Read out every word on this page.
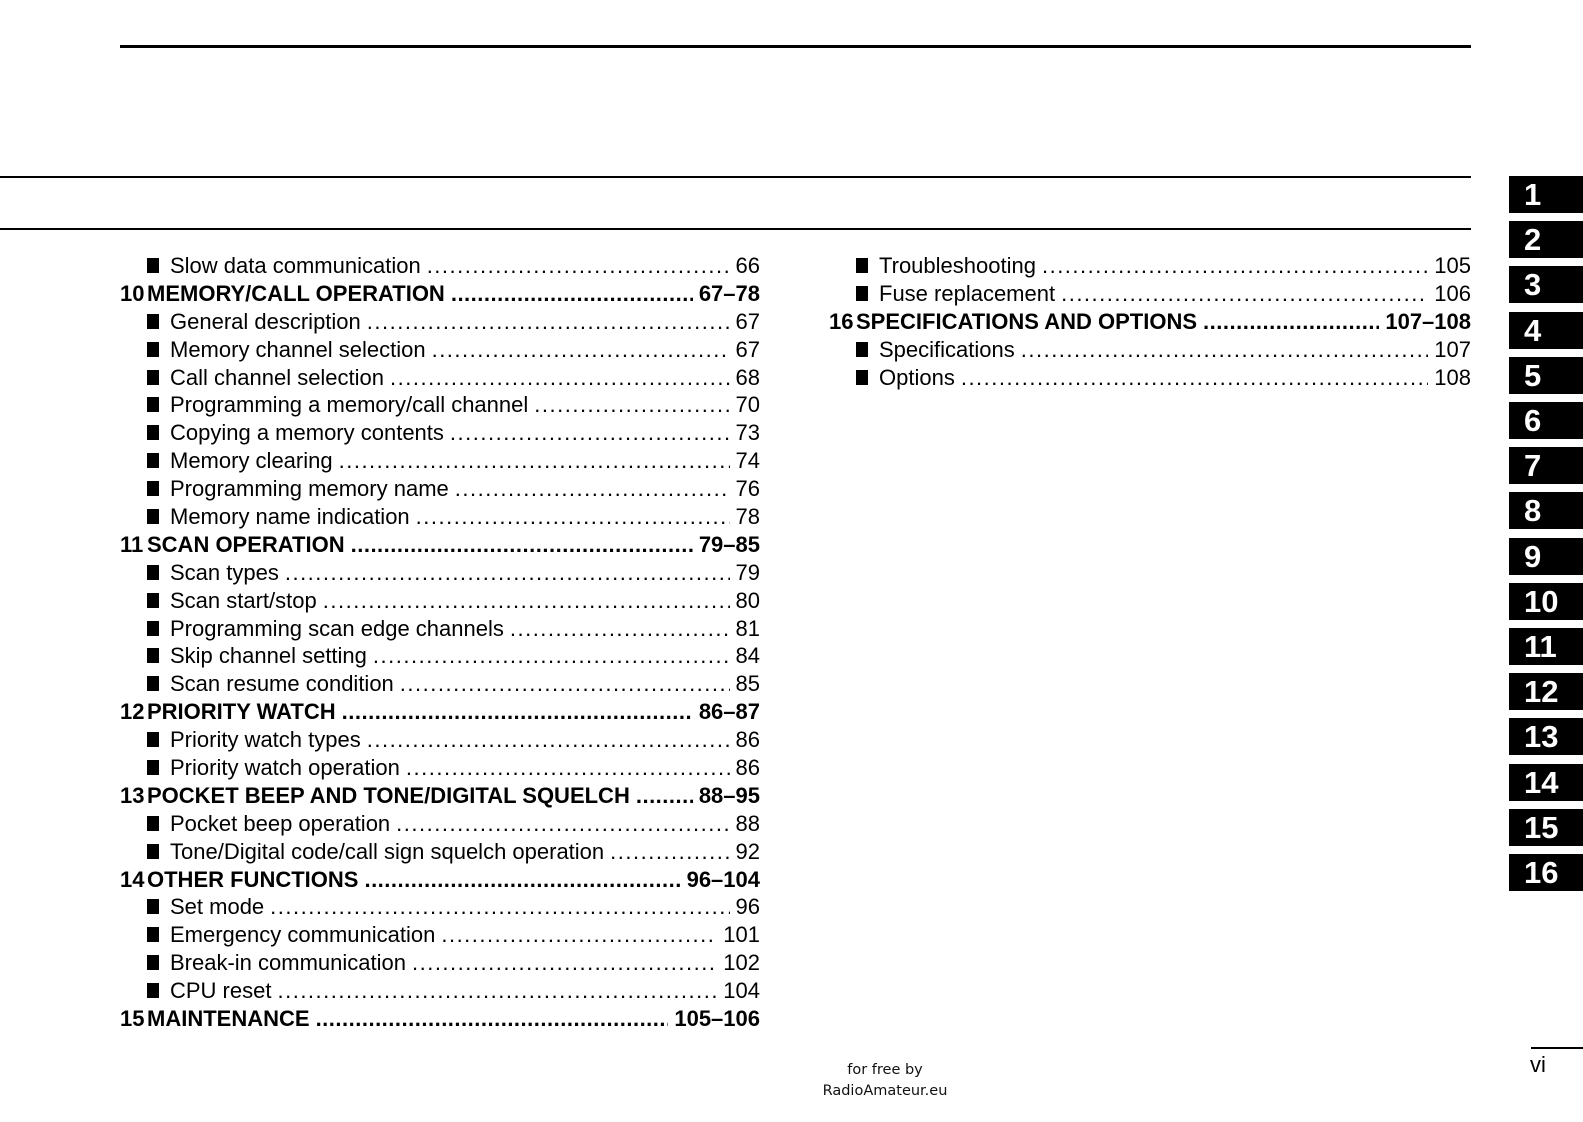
Slow data communication .....	66
10 MEMORY/CALL OPERATION .....	67–78
General description .....	67
Memory channel selection .....	67
Call channel selection .....	68
Programming a memory/call channel .....	70
Copying a memory contents .....	73
Memory clearing .....	74
Programming memory name .....	76
Memory name indication .....	78
11 SCAN OPERATION .....	79–85
Scan types .....	79
Scan start/stop .....	80
Programming scan edge channels .....	81
Skip channel setting .....	84
Scan resume condition .....	85
12 PRIORITY WATCH .....	86–87
Priority watch types .....	86
Priority watch operation .....	86
13 POCKET BEEP AND TONE/DIGITAL SQUELCH .....	88–95
Pocket beep operation .....	88
Tone/Digital code/call sign squelch operation .....	92
14 OTHER FUNCTIONS .....	96–104
Set mode .....	96
Emergency communication .....	101
Break-in communication .....	102
CPU reset .....	104
15 MAINTENANCE .....	105–106
Troubleshooting .....	105
Fuse replacement .....	106
16 SPECIFICATIONS AND OPTIONS .....	107–108
Specifications .....	107
Options .....	108
1
2
3
4
5
6
7
8
9
10
11
12
13
14
15
16
for free by
RadioAmateur.eu
vi
